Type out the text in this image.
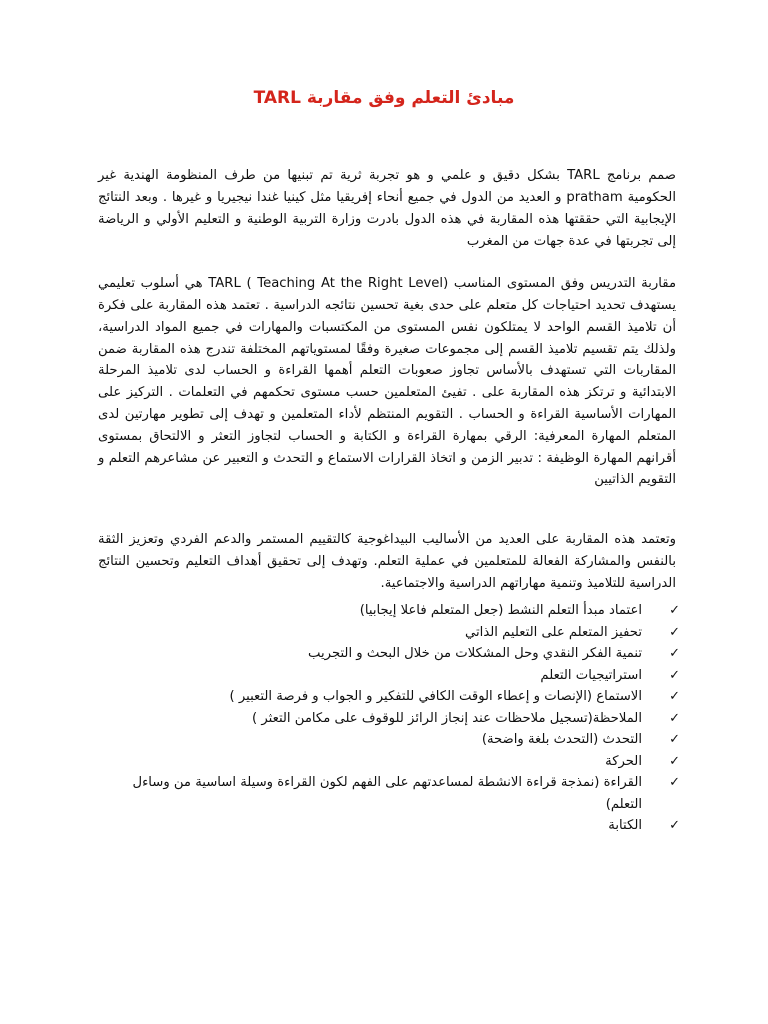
مبادئ التعلم وفق مقاربة TARL

صمم برنامج TARL بشكل دقيق و علمي و هو تجربة ثرية تم تبنيها من طرف المنظومة الهندية غير الحكومية pratham و العديد من الدول في جميع أنحاء إفريقيا مثل كينيا غندا نيجيريا و غيرها . وبعد النتائج الإيجابية التي حققتها هذه المقاربة في هذه الدول بادرت وزارة التربية الوطنية و التعليم الأولي و الرياضة إلى تجربتها في عدة جهات من المغرب

مقاربة التدريس وفق المستوى المناسب (TARL ( Teaching At the Right Level هي أسلوب تعليمي يستهدف تحديد احتياجات كل متعلم على حدى بغية تحسين نتائجه الدراسية . تعتمد هذه المقاربة على فكرة أن تلاميذ القسم الواحد لا يمتلكون نفس المستوى من المكتسبات والمهارات في جميع المواد الدراسية، ولذلك يتم تقسيم تلاميذ القسم إلى مجموعات صغيرة وفقًا لمستوياتهم المختلفة تندرج هذه المقاربة ضمن المقاربات التي تستهدف بالأساس تجاوز صعوبات التعلم أهمها القراءة و الحساب لدى تلاميذ المرحلة الابتدائية و ترتكز هذه المقاربة على . تفيئ المتعلمين حسب مستوى تحكمهم في التعلمات . التركيز على المهارات الأساسية القراءة و الحساب . التقويم المنتظم لأداء المتعلمين و تهدف إلى تطوير مهارتين لدى المتعلم المهارة المعرفية: الرقي بمهارة القراءة و الكتابة و الحساب لتجاوز التعثر و الالتحاق بمستوى أقرانهم المهارة الوظيفة : تدبير الزمن و اتخاذ القرارات الاستماع و التحدث و التعبير عن مشاعرهم التعلم و التقويم الذاتيين

وتعتمد هذه المقاربة على العديد من الأساليب البيداغوجية كالتقييم المستمر والدعم الفردي وتعزيز الثقة بالنفس والمشاركة الفعالة للمتعلمين في عملية التعلم. وتهدف إلى تحقيق أهداف التعليم وتحسين النتائج الدراسية للتلاميذ وتنمية مهاراتهم الدراسية والاجتماعية.

✓
اعتماد مبدأ التعلم النشط (جعل المتعلم فاعلا إيجابيا)
✓
تحفيز المتعلم على التعليم الذاتي
✓
تنمية الفكر النقدي وحل المشكلات من خلال البحث و التجريب
✓
استراتيجيات التعلم
✓
الاستماع (الإنصات و إعطاء الوقت الكافي للتفكير و الجواب و فرصة التعبير )
✓
الملاحظة(تسجيل ملاحظات عند إنجاز الرائز للوقوف على مكامن التعثر )
✓
التحدث (التحدث بلغة واضحة)
✓
الحركة
✓
القراءة (نمذجة قراءة الانشطة لمساعدتهم على الفهم لكون القراءة وسيلة اساسية من وساءل التعلم)
✓
الكتابة
